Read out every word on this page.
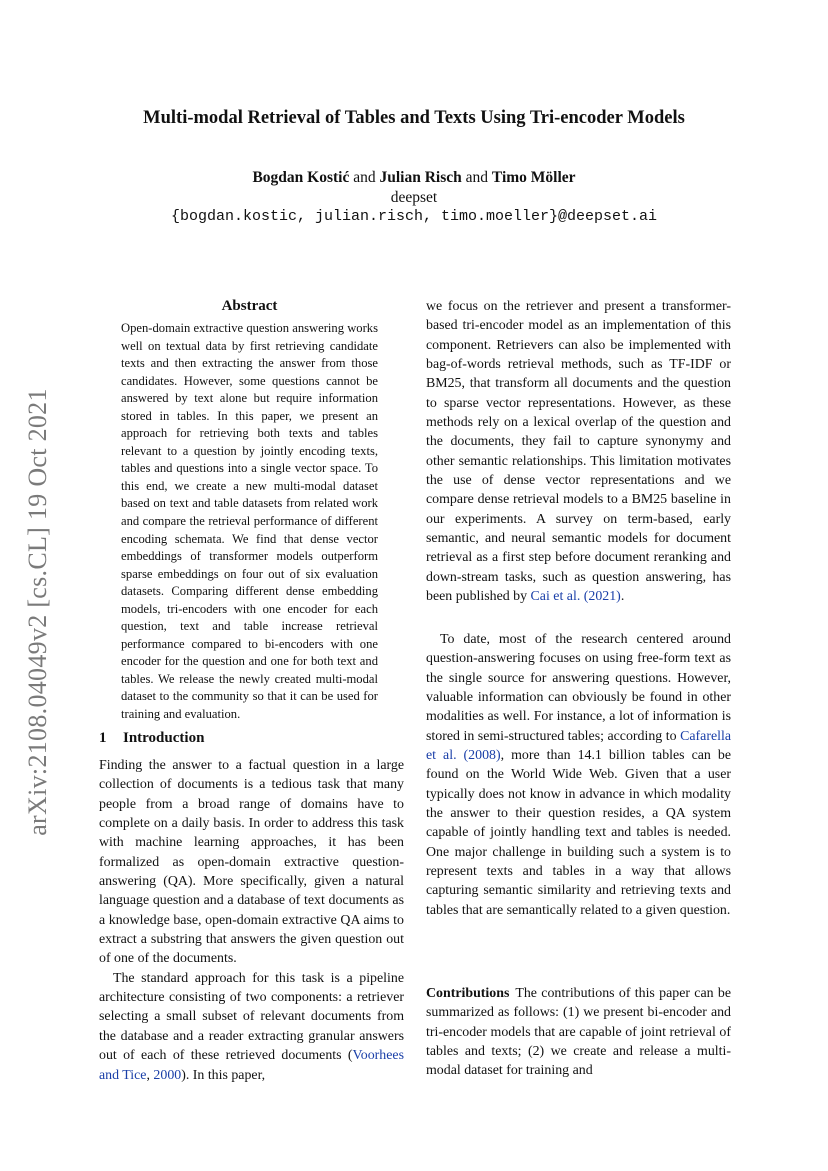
arXiv:2108.04049v2 [cs.CL] 19 Oct 2021
Multi-modal Retrieval of Tables and Texts Using Tri-encoder Models
Bogdan Kostić and Julian Risch and Timo Möller
deepset
{bogdan.kostic, julian.risch, timo.moeller}@deepset.ai
Abstract
Open-domain extractive question answering works well on textual data by first retrieving candidate texts and then extracting the answer from those candidates. However, some questions cannot be answered by text alone but require information stored in tables. In this paper, we present an approach for retrieving both texts and tables relevant to a question by jointly encoding texts, tables and questions into a single vector space. To this end, we create a new multi-modal dataset based on text and table datasets from related work and compare the retrieval performance of different encoding schemata. We find that dense vector embeddings of transformer models outperform sparse embeddings on four out of six evaluation datasets. Comparing different dense embedding models, tri-encoders with one encoder for each question, text and table increase retrieval performance compared to bi-encoders with one encoder for the question and one for both text and tables. We release the newly created multi-modal dataset to the community so that it can be used for training and evaluation.
1 Introduction

Finding the answer to a factual question in a large collection of documents is a tedious task that many people from a broad range of domains have to complete on a daily basis. In order to address this task with machine learning approaches, it has been formalized as open-domain extractive question-answering (QA). More specifically, given a natural language question and a database of text documents as a knowledge base, open-domain extractive QA aims to extract a substring that answers the given question out of one of the documents.

The standard approach for this task is a pipeline architecture consisting of two components: a retriever selecting a small subset of relevant documents from the database and a reader extracting granular answers out of each of these retrieved documents (Voorhees and Tice, 2000). In this paper,

we focus on the retriever and present a transformer-based tri-encoder model as an implementation of this component. Retrievers can also be implemented with bag-of-words retrieval methods, such as TF-IDF or BM25, that transform all documents and the question to sparse vector representations. However, as these methods rely on a lexical overlap of the question and the documents, they fail to capture synonymy and other semantic relationships. This limitation motivates the use of dense vector representations and we compare dense retrieval models to a BM25 baseline in our experiments. A survey on term-based, early semantic, and neural semantic models for document retrieval as a first step before document reranking and down-stream tasks, such as question answering, has been published by Cai et al. (2021).

To date, most of the research centered around question-answering focuses on using free-form text as the single source for answering questions. However, valuable information can obviously be found in other modalities as well. For instance, a lot of information is stored in semi-structured tables; according to Cafarella et al. (2008), more than 14.1 billion tables can be found on the World Wide Web. Given that a user typically does not know in advance in which modality the answer to their question resides, a QA system capable of jointly handling text and tables is needed. One major challenge in building such a system is to represent texts and tables in a way that allows capturing semantic similarity and retrieving texts and tables that are semantically related to a given question.

Contributions The contributions of this paper can be summarized as follows: (1) we present bi-encoder and tri-encoder models that are capable of joint retrieval of tables and texts; (2) we create and release a multi-modal dataset for training and
